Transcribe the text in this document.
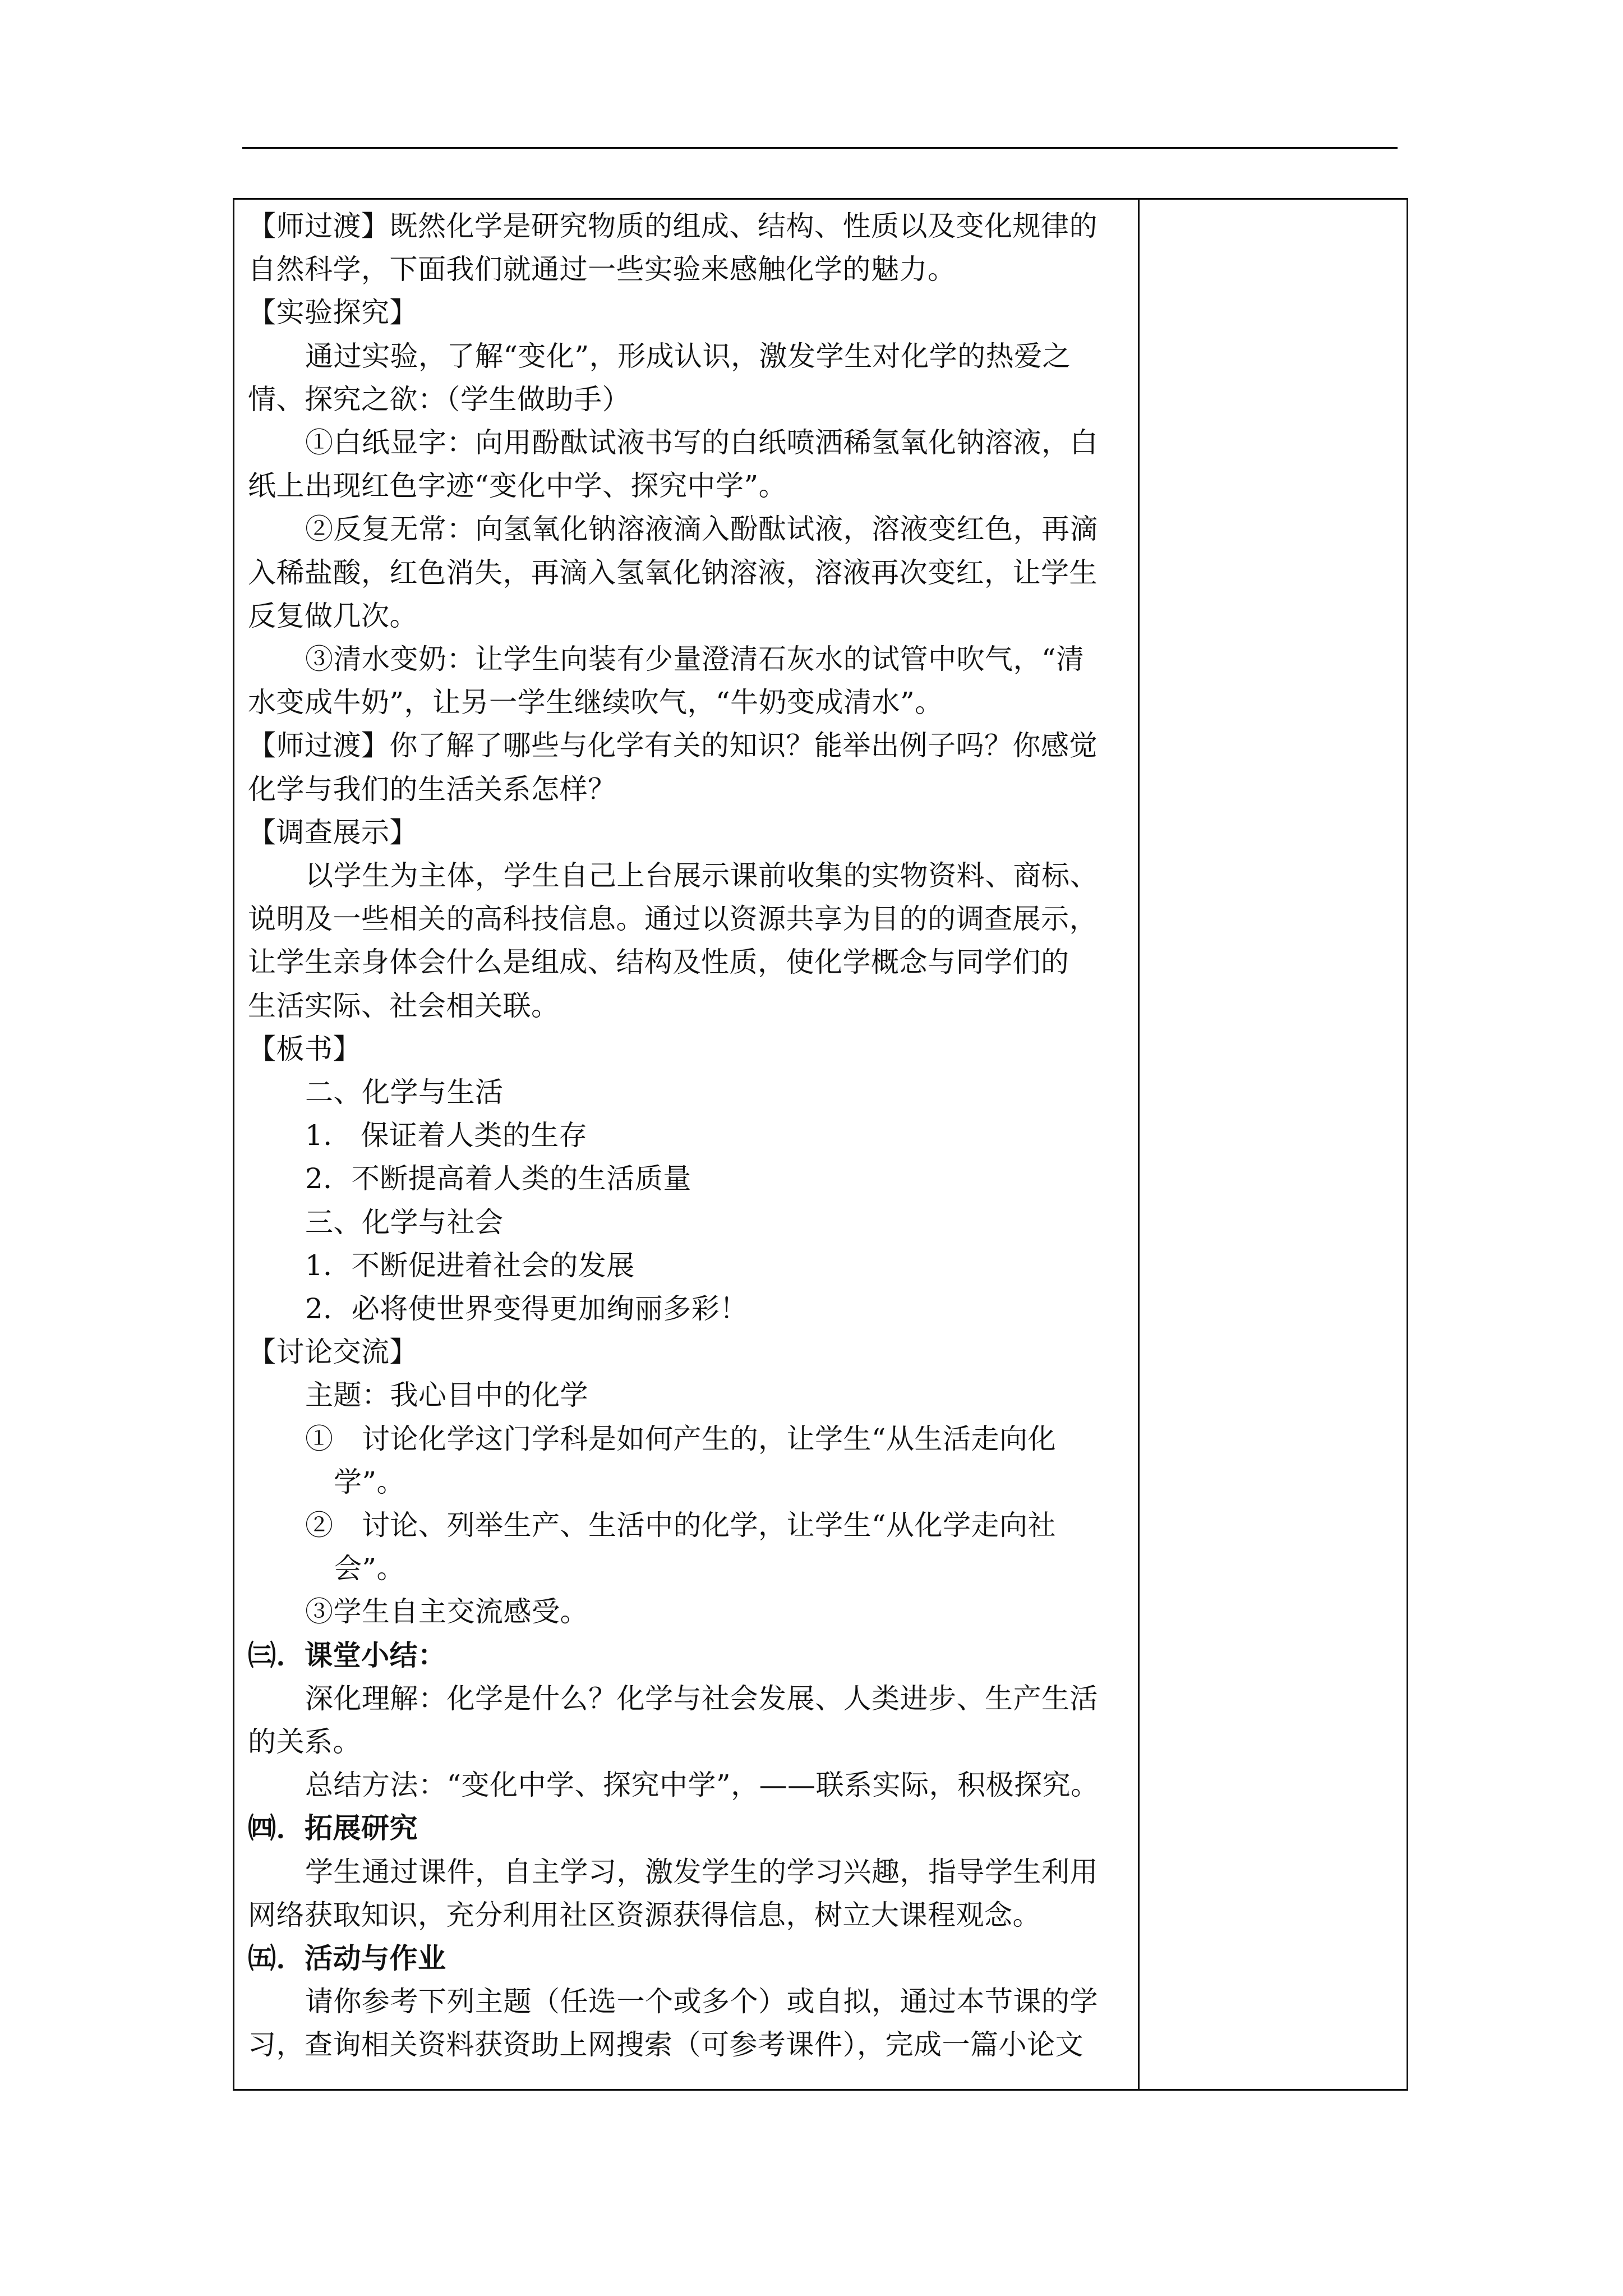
【师过渡】既然化学是研究物质的组成、结构、性质以及变化规律的
自然科学，下面我们就通过一些实验来感触化学的魅力。
【实验探究】
通过实验，了解“变化”，形成认识，激发学生对化学的热爱之
情、探究之欲：（学生做助手）
①白纸显字：向用酚酞试液书写的白纸喷洒稀氢氧化钠溶液，白
纸上出现红色字迹“变化中学、探究中学”。
②反复无常：向氢氧化钠溶液滴入酚酞试液，溶液变红色，再滴
入稀盐酸，红色消失，再滴入氢氧化钠溶液，溶液再次变红，让学生
反复做几次。
③清水变奶：让学生向装有少量澄清石灰水的试管中吹气，“清
水变成牛奶”，让另一学生继续吹气，“牛奶变成清水”。
【师过渡】你了解了哪些与化学有关的知识？能举出例子吗？你感觉
化学与我们的生活关系怎样？
【调查展示】
以学生为主体，学生自己上台展示课前收集的实物资料、商标、
说明及一些相关的高科技信息。通过以资源共享为目的的调查展示，
让学生亲身体会什么是组成、结构及性质，使化学概念与同学们的
生活实际、社会相关联。
【板书】
二、化学与生活
1.　保证着人类的生存
2．不断提高着人类的生活质量
三、化学与社会
1．不断促进着社会的发展
2．必将使世界变得更加绚丽多彩！
【讨论交流】
主题：我心目中的化学
①　讨论化学这门学科是如何产生的，让学生“从生活走向化
学”。
②　讨论、列举生产、生活中的化学，让学生“从化学走向社
会”。
③学生自主交流感受。
㈢．课堂小结：
深化理解：化学是什么？化学与社会发展、人类进步、生产生活
的关系。
总结方法：“变化中学、探究中学”，——联系实际，积极探究。
㈣．拓展研究
学生通过课件，自主学习，激发学生的学习兴趣，指导学生利用
网络获取知识，充分利用社区资源获得信息，树立大课程观念。
㈤．活动与作业
请你参考下列主题（任选一个或多个）或自拟，通过本节课的学
习，查询相关资料获资助上网搜索（可参考课件），完成一篇小论文
